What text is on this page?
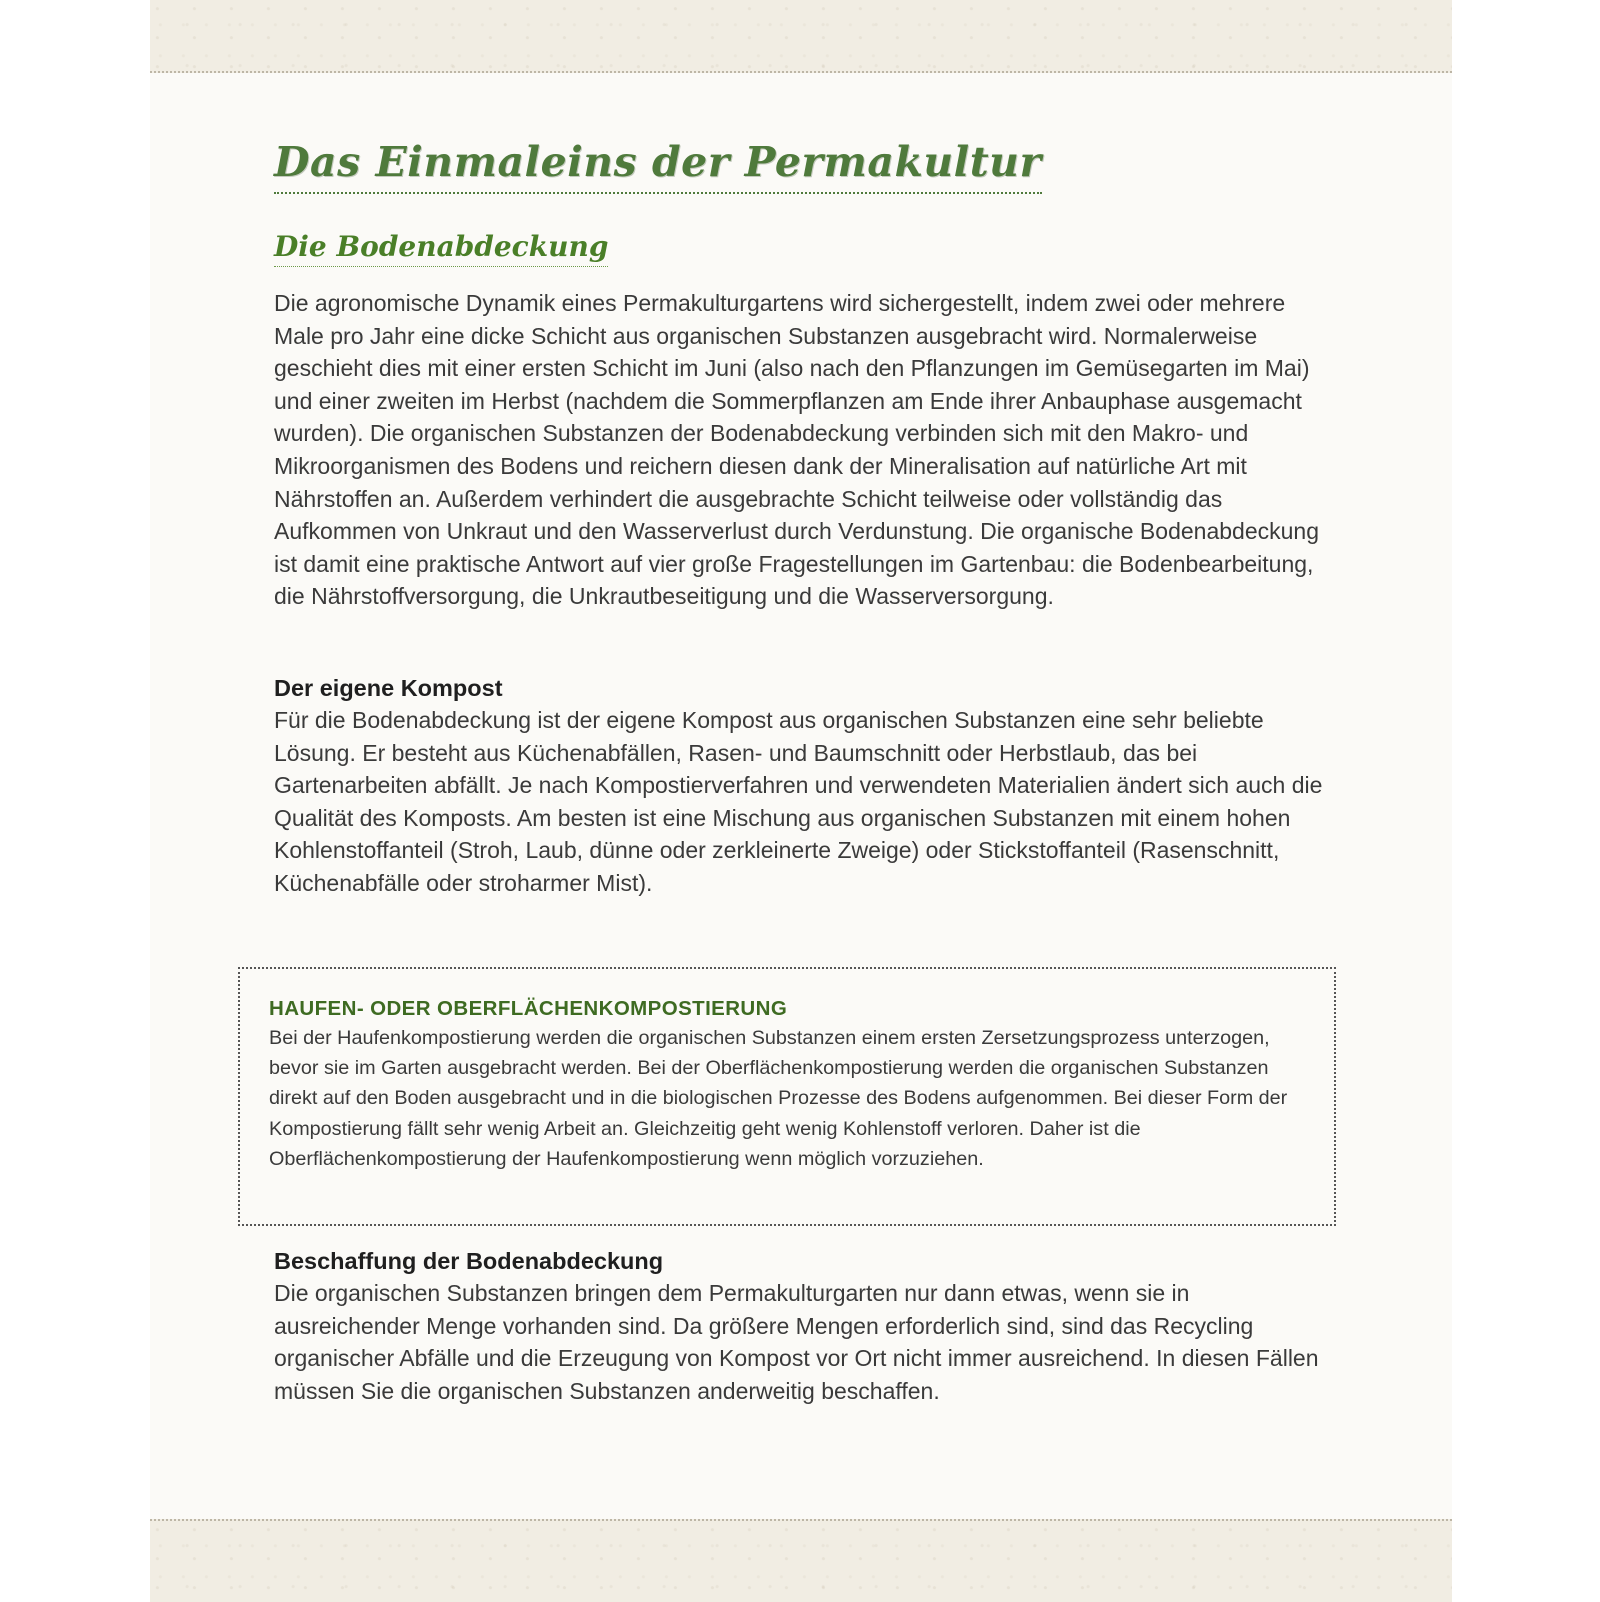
Das Einmaleins der Permakultur
Die Bodenabdeckung

Die agronomische Dynamik eines Permakulturgartens wird sichergestellt, indem zwei oder mehrere Male pro Jahr eine dicke Schicht aus organischen Substanzen ausgebracht wird. Normalerweise geschieht dies mit einer ersten Schicht im Juni (also nach den Pflanzungen im Gemüsegarten im Mai) und einer zweiten im Herbst (nachdem die Sommerpflanzen am Ende ihrer Anbauphase ausgemacht wurden). Die organischen Substanzen der Bodenabdeckung verbinden sich mit den Makro- und Mikroorganismen des Bodens und reichern diesen dank der Mineralisation auf natürliche Art mit Nährstoffen an. Außerdem verhindert die ausgebrachte Schicht teilweise oder vollständig das Aufkommen von Unkraut und den Wasserverlust durch Verdunstung. Die organische Bodenabdeckung ist damit eine praktische Antwort auf vier große Fragestellungen im Gartenbau: die Bodenbearbeitung, die Nährstoffversorgung, die Unkrautbeseitigung und die Wasserversorgung.

Der eigene Kompost

Für die Bodenabdeckung ist der eigene Kompost aus organischen Substanzen eine sehr beliebte Lösung. Er besteht aus Küchenabfällen, Rasen- und Baumschnitt oder Herbstlaub, das bei Gartenarbeiten abfällt. Je nach Kompostierverfahren und verwendeten Materialien ändert sich auch die Qualität des Komposts. Am besten ist eine Mischung aus organischen Substanzen mit einem hohen Kohlenstoffanteil (Stroh, Laub, dünne oder zerkleinerte Zweige) oder Stickstoffanteil (Rasenschnitt, Küchenabfälle oder stroharmer Mist).

HAUFEN- ODER OBERFLÄCHENKOMPOSTIERUNG

Bei der Haufenkompostierung werden die organischen Substanzen einem ersten Zersetzungsprozess unterzogen, bevor sie im Garten ausgebracht werden. Bei der Oberflächenkompostierung werden die organischen Substanzen direkt auf den Boden ausgebracht und in die biologischen Prozesse des Bodens aufgenommen. Bei dieser Form der Kompostierung fällt sehr wenig Arbeit an. Gleichzeitig geht wenig Kohlenstoff verloren. Daher ist die Oberflächenkompostierung der Haufenkompostierung wenn möglich vorzuziehen.

Beschaffung der Bodenabdeckung

Die organischen Substanzen bringen dem Permakulturgarten nur dann etwas, wenn sie in ausreichender Menge vorhanden sind. Da größere Mengen erforderlich sind, sind das Recycling organischer Abfälle und die Erzeugung von Kompost vor Ort nicht immer ausreichend. In diesen Fällen müssen Sie die organischen Substanzen anderweitig beschaffen.
